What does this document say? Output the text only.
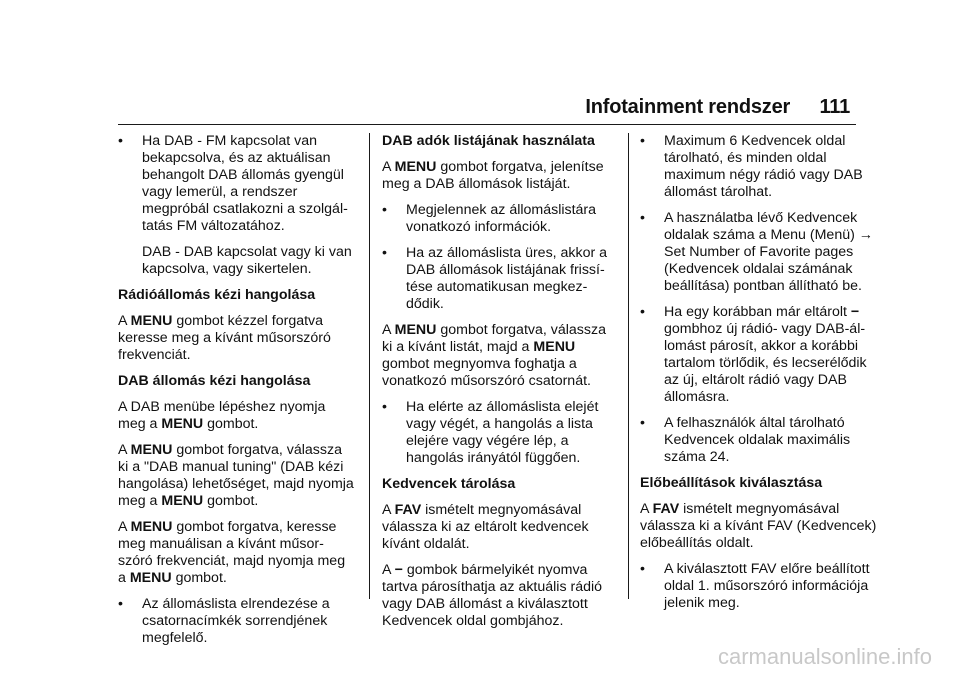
Infotainment rendszer 111
•	Ha DAB - FM kapcsolat van bekapcsolva, és az aktuálisan behangolt DAB állomás gyengül vagy lemerül, a rendszer megpróbál csatlakozni a szolgál‐tatás FM változatához.
DAB - DAB kapcsolat vagy ki van kapcsolva, vagy sikertelen.
Rádióállomás kézi hangolása
A MENU gombot kézzel forgatva keresse meg a kívánt műsorszóró frekvenciát.
DAB állomás kézi hangolása
A DAB menübe lépéshez nyomja meg a MENU gombot.
A MENU gombot forgatva, válassza ki a "DAB manual tuning" (DAB kézi hangolása) lehetőséget, majd nyomja meg a MENU gombot.
A MENU gombot forgatva, keresse meg manuálisan a kívánt műsor‐szóró frekvenciát, majd nyomja meg a MENU gombot.
•	Az állomáslista elrendezése a csatornacímkék sorrendjének megfelelő.
DAB adók listájának használata
A MENU gombot forgatva, jelenítse meg a DAB állomások listáját.
•	Megjelennek az állomáslistára vonatkozó információk.
•	Ha az állomáslista üres, akkor a DAB állomások listájának frissí‐tése automatikusan megkez‐dődik.
A MENU gombot forgatva, válassza ki a kívánt listát, majd a MENU gombot megnyomva foghatja a vonatkozó műsorszóró csatornát.
•	Ha elérte az állomáslista elejét vagy végét, a hangolás a lista elejére vagy végére lép, a hangolás irányától függően.
Kedvencek tárolása
A FAV ismételt megnyomásával válassza ki az eltárolt kedvencek kívánt oldalát.
A − gombok bármelyikét nyomva tartva párosíthatja az aktuális rádió vagy DAB állomást a kiválasztott Kedvencek oldal gombjához.
•	Maximum 6 Kedvencek oldal tárolható, és minden oldal maximum négy rádió vagy DAB állomást tárolhat.
•	A használatba lévő Kedvencek oldalak száma a Menu (Menü) → Set Number of Favorite pages (Kedvencek oldalai számának beállítása) pontban állítható be.
•	Ha egy korábban már eltárolt − gombhoz új rádió- vagy DAB-ál‐lomást párosít, akkor a korábbi tartalom törlődik, és lecserélődik az új, eltárolt rádió vagy DAB állomásra.
•	A felhasználók által tárolható Kedvencek oldalak maximális száma 24.
Előbeállítások kiválasztása
A FAV ismételt megnyomásával válassza ki a kívánt FAV (Kedvencek) előbeállítás oldalt.
•	A kiválasztott FAV előre beállított oldal 1. műsorszóró információja jelenik meg.
carmanualsonline.info
